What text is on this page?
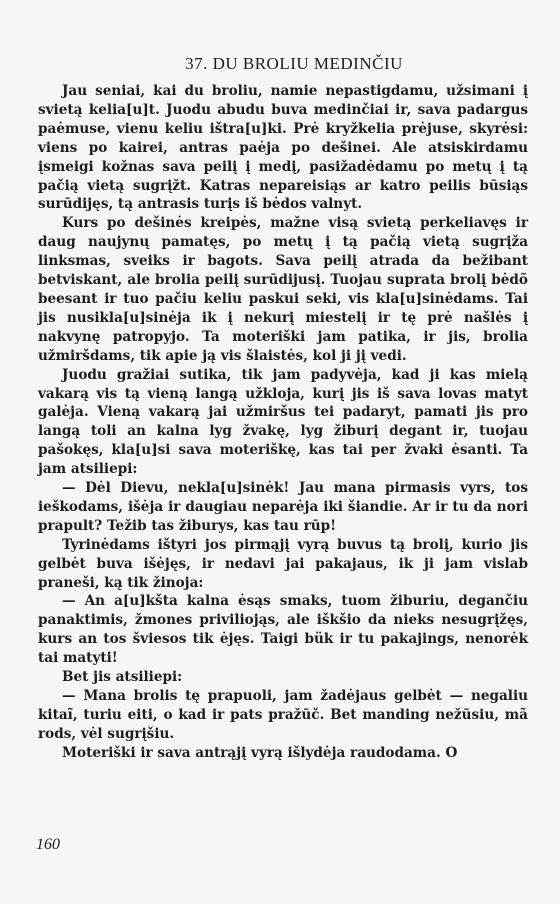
37. DU BROLIU MEDINČIU

Jau seniai, kai du broliu, namie nepastigdamu, užsimani į svietą kelia[u]t. Juodu abudu buva medinčiai ir, sava padargus paėmuse, vienu keliu ištra[u]ki. Prė kryžkelia prėjuse, skyrėsi: viens po kairei, antras paėja po dešinei. Ale atsiskirdamu įsmeigi kožnas sava peilį į medį, pasižadėdamu po metų į tą pačią vietą sugrįžt. Katras nepareisiąs ar katro peilis būsiąs surūdijęs, tą antrasis turįs iš bėdos valnyt.

Kurs po dešinės kreipės, mažne visą svietą perkeliavęs ir daug naujynų pamatęs, po metų į tą pačią vietą sugrįža linksmas, sveiks ir bagots. Sava peilį atrada da bežibant betviskant, ale brolia peilį surūdijusį. Tuojau suprata brolį bėdõ beesant ir tuo pačiu keliu paskui seki, vis kla[u]sinėdams. Tai jis nusikla[u]sinėja ik į nekurį miestelį ir tę prė našlės į nakvynę patropyjo. Ta moteriški jam patika, ir jis, brolia užmiršdams, tik apie ją vis šlaistės, kol ji jį vedi.

Juodu gražiai sutika, tik jam padyvėja, kad ji kas mielą vakarą vis tą vieną langą užkloja, kurį jis iš sava lovas matyt galėja. Vieną vakarą jai užmiršus tei padaryt, pamati jis pro langą toli an kalna lyg žvakę, lyg žiburį degant ir, tuojau pašokęs, kla[u]si sava moteriškę, kas tai per žvaki ėsanti. Ta jam atsiliepi:

— Dėl Dievu, nekla[u]sinėk! Jau mana pirmasis vyrs, tos ieškodams, išėja ir daugiau neparėja iki šiandie. Ar ir tu da nori prapult? Težib tas žiburys, kas tau rūp!

Tyrinėdams ištyri jos pirmąjį vyrą buvus tą brolį, kurio jis gelbėt buva išėjęs, ir nedavi jai pakajaus, ik ji jam vislab praneši, ką tik žinoja:

— An a[u]kšta kalna ėsąs smaks, tuom žiburiu, degančiu panaktimis, žmones priviliojąs, ale iškšio da nieks nesugrįžęs, kurs an tos šviesos tik ėjęs. Taigi bük ir tu pakajings, nenorėk tai matyti!

Bet jis atsiliepi:

— Mana brolis tę prapuoli, jam žadėjaus gelbėt — negaliu kitaĩ, turiu eiti, o kad ir pats pražūč. Bet manding nežūsiu, mã rods, vėl sugrįšiu.

Moteriški ir sava antrąjį vyrą išlydėja raudodama. O

160
